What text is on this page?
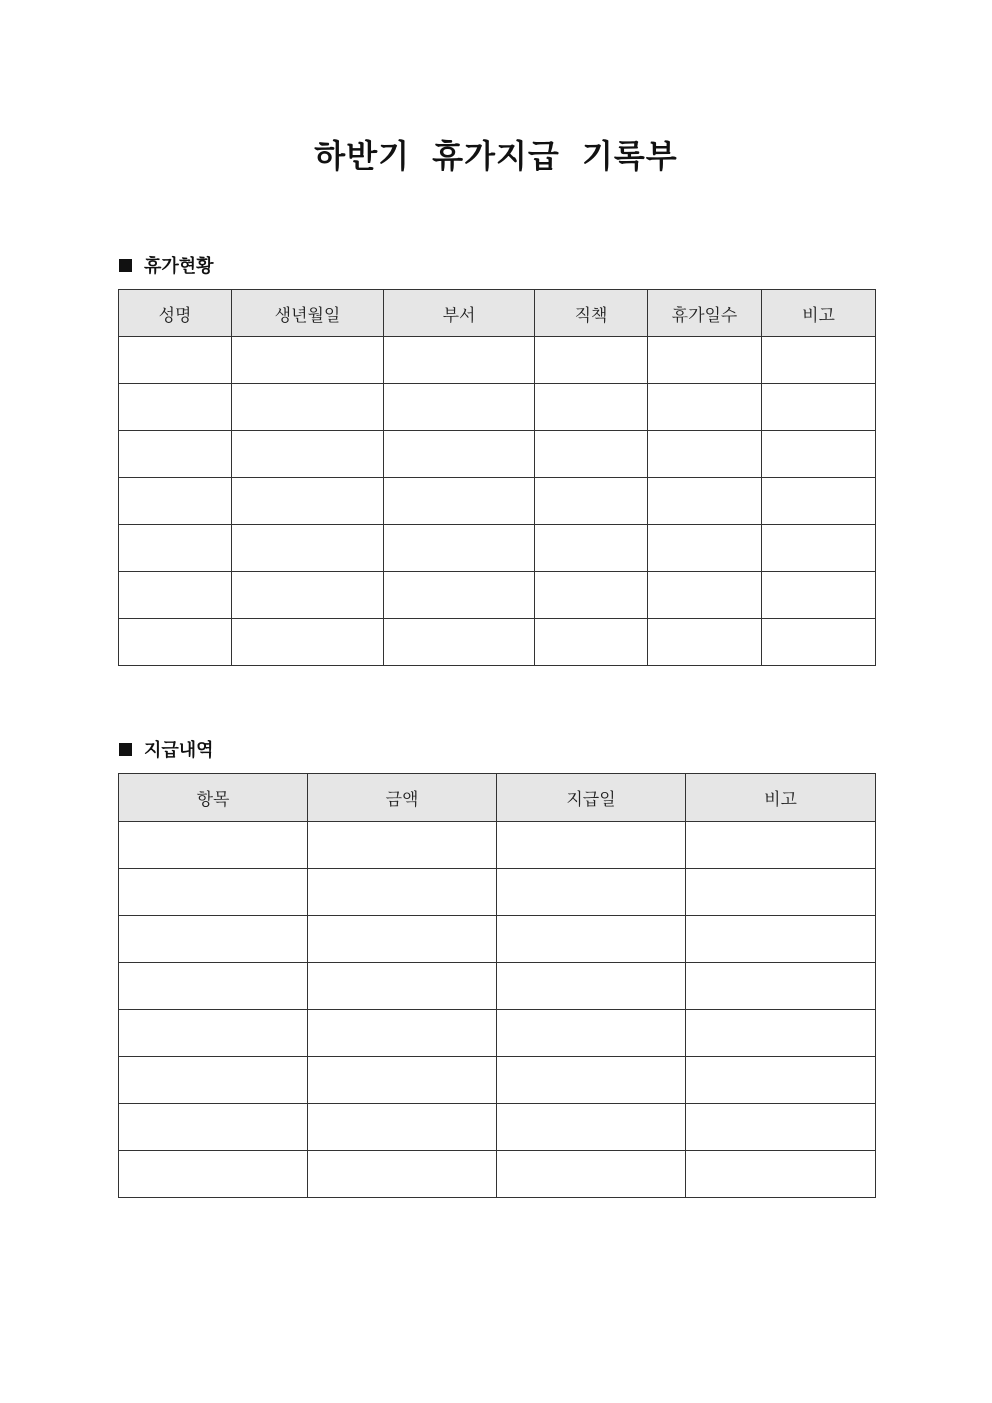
하반기 휴가지급 기록부
휴가현황
성명	생년월일	부서	직책	휴가일수	비고

지급내역
항목	금액	지급일	비고
